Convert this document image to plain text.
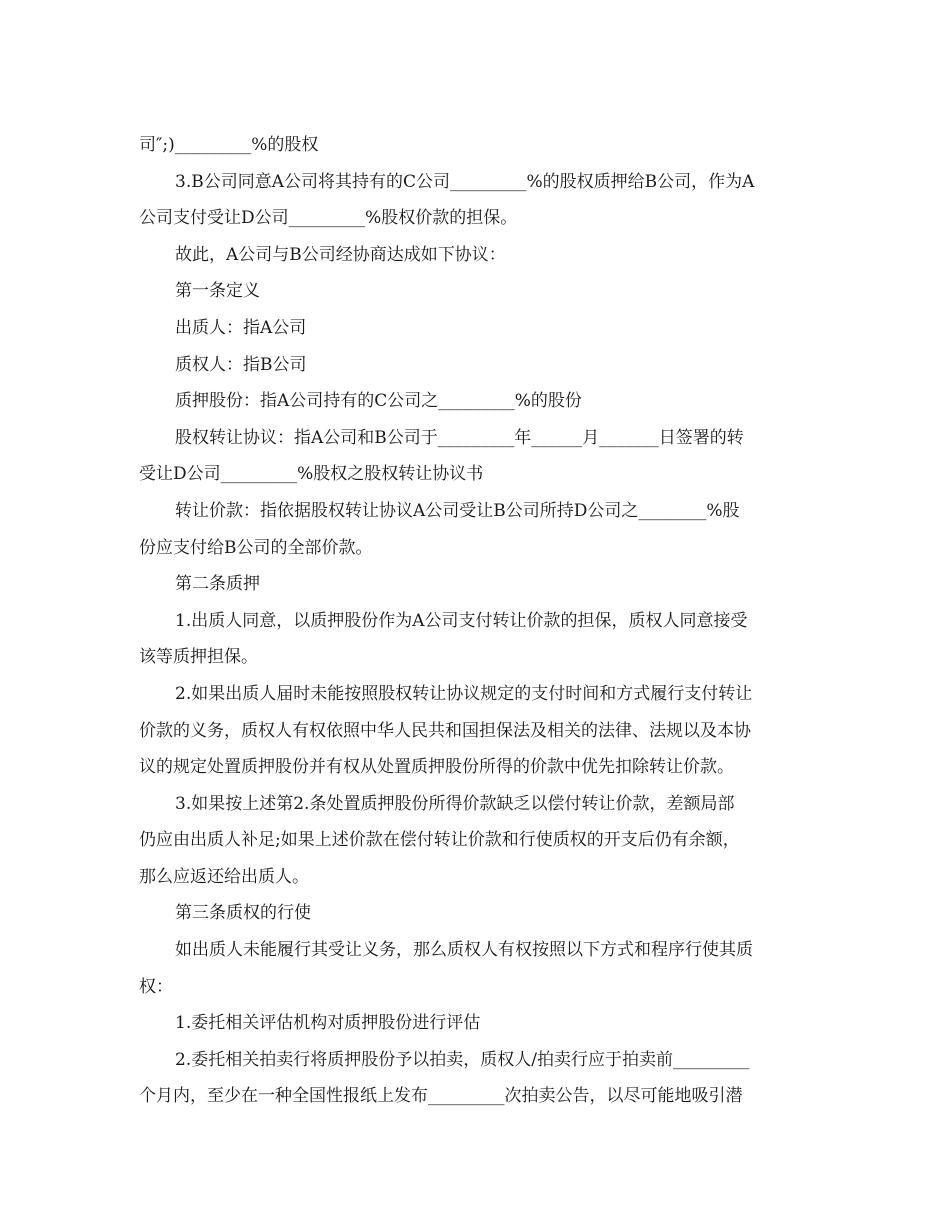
司″;)_________%的股权
3.B公司同意A公司将其持有的C公司_________%的股权质押给B公司，作为A
公司支付受让D公司_________%股权价款的担保。
故此，A公司与B公司经协商达成如下协议：
第一条定义
出质人：指A公司
质权人：指B公司
质押股份：指A公司持有的C公司之_________%的股份
股权转让协议：指A公司和B公司于_________年______月_______日签署的转
受让D公司_________%股权之股权转让协议书
转让价款：指依据股权转让协议A公司受让B公司所持D公司之________%股
份应支付给B公司的全部价款。
第二条质押
1.出质人同意，以质押股份作为A公司支付转让价款的担保，质权人同意接受
该等质押担保。
2.如果出质人届时未能按照股权转让协议规定的支付时间和方式履行支付转让
价款的义务，质权人有权依照中华人民共和国担保法及相关的法律、法规以及本协
议的规定处置质押股份并有权从处置质押股份所得的价款中优先扣除转让价款。
3.如果按上述第2.条处置质押股份所得价款缺乏以偿付转让价款，差额局部
仍应由出质人补足;如果上述价款在偿付转让价款和行使质权的开支后仍有余额，
那么应返还给出质人。
第三条质权的行使
如出质人未能履行其受让义务，那么质权人有权按照以下方式和程序行使其质
权：
1.委托相关评估机构对质押股份进行评估
2.委托相关拍卖行将质押股份予以拍卖，质权人/拍卖行应于拍卖前_________
个月内，至少在一种全国性报纸上发布_________次拍卖公告，以尽可能地吸引潜
